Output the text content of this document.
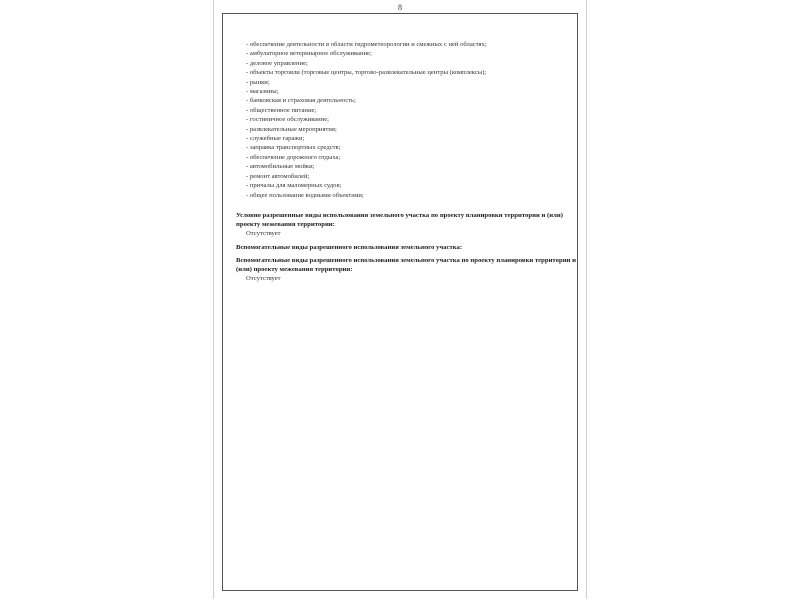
8
- обеспечение деятельности в области гидрометеорологии и смежных с ней областях;
- амбулаторное ветеринарное обслуживание;
- деловое управление;
- объекты торговли (торговые центры, торгово-развлекательные центры (комплексы);
- рынки;
- магазины;
- банковская и страховая деятельность;
- общественное питание;
- гостиничное обслуживание;
- развлекательные мероприятия;
- служебные гаражи;
- заправка транспортных средств;
- обеспечение дорожного отдыха;
- автомобильные мойки;
- ремонт автомобилей;
- причалы для маломерных судов;
- общее пользование водными объектами;

Условно разрешенные виды использования земельного участка по проекту планировки территории и (или) проекту межевания территории:

Отсутствует

Вспомогательные виды разрешенного использования земельного участка:

Вспомогательные виды разрешенного использования земельного участка по проекту планировки территории и (или) проекту межевания территории:

Отсутствует
